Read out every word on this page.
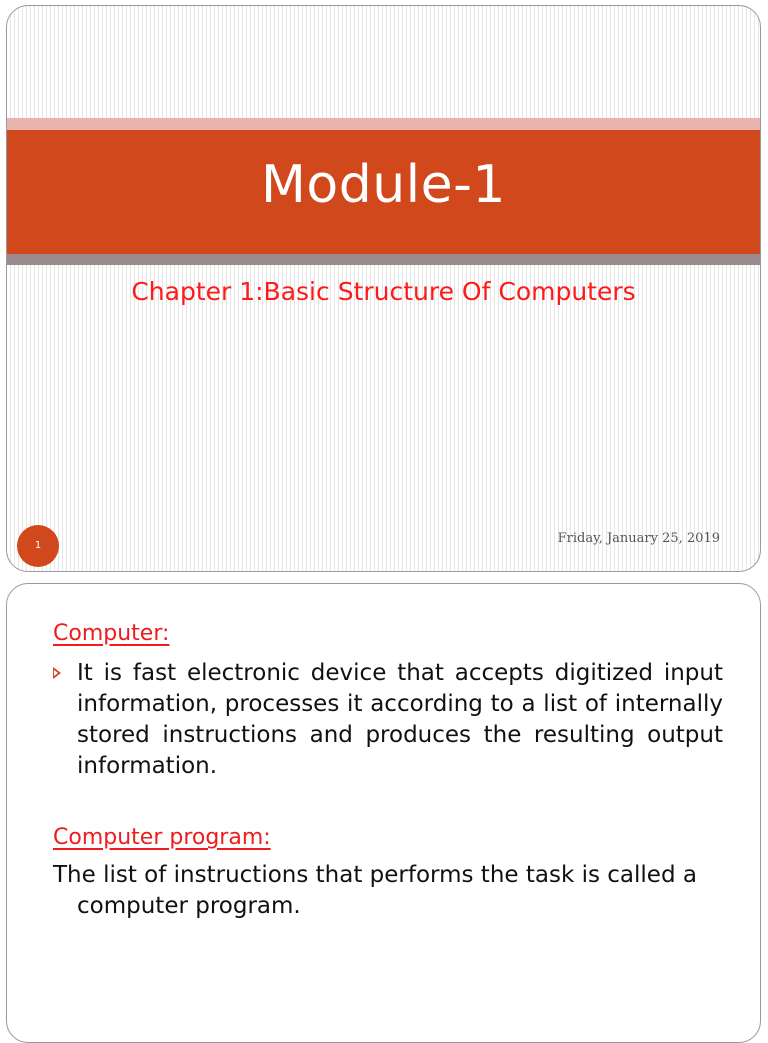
Module-1
Chapter 1:Basic Structure Of Computers
1	Friday, January 25, 2019
Computer:
It is fast electronic device that accepts digitized input information, processes it according to a list of internally stored instructions and produces the resulting output information.
Computer program:
The list of instructions that performs the task is called a computer program.
